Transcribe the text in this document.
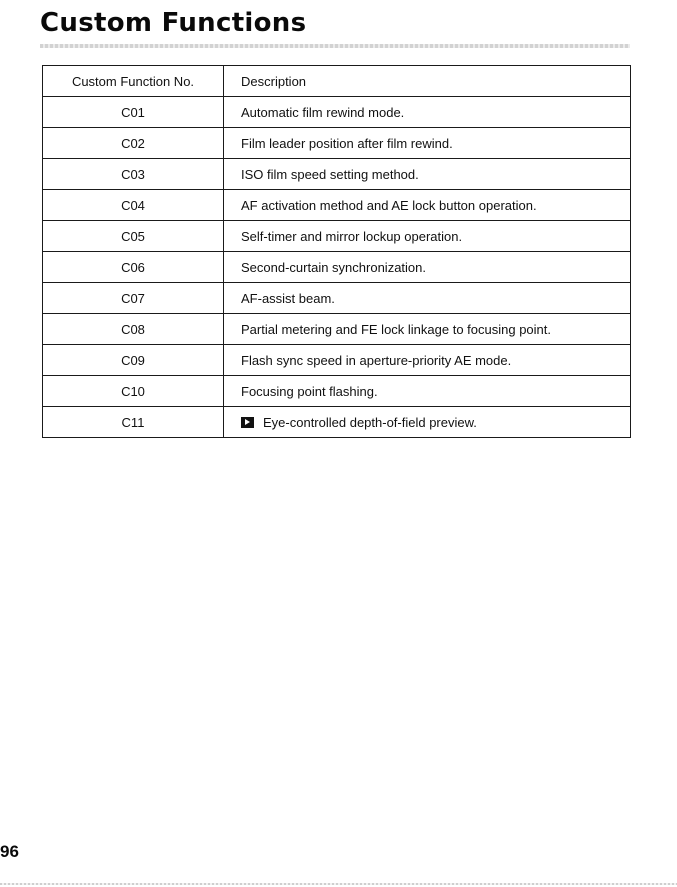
Custom Functions
Custom Function No.	Description
C01	Automatic film rewind mode.
C02	Film leader position after film rewind.
C03	ISO film speed setting method.
C04	AF activation method and AE lock button operation.
C05	Self-timer and mirror lockup operation.
C06	Second-curtain synchronization.
C07	AF-assist beam.
C08	Partial metering and FE lock linkage to focusing point.
C09	Flash sync speed in aperture-priority AE mode.
C10	Focusing point flashing.
C11	Eye-controlled depth-of-field preview.
96
